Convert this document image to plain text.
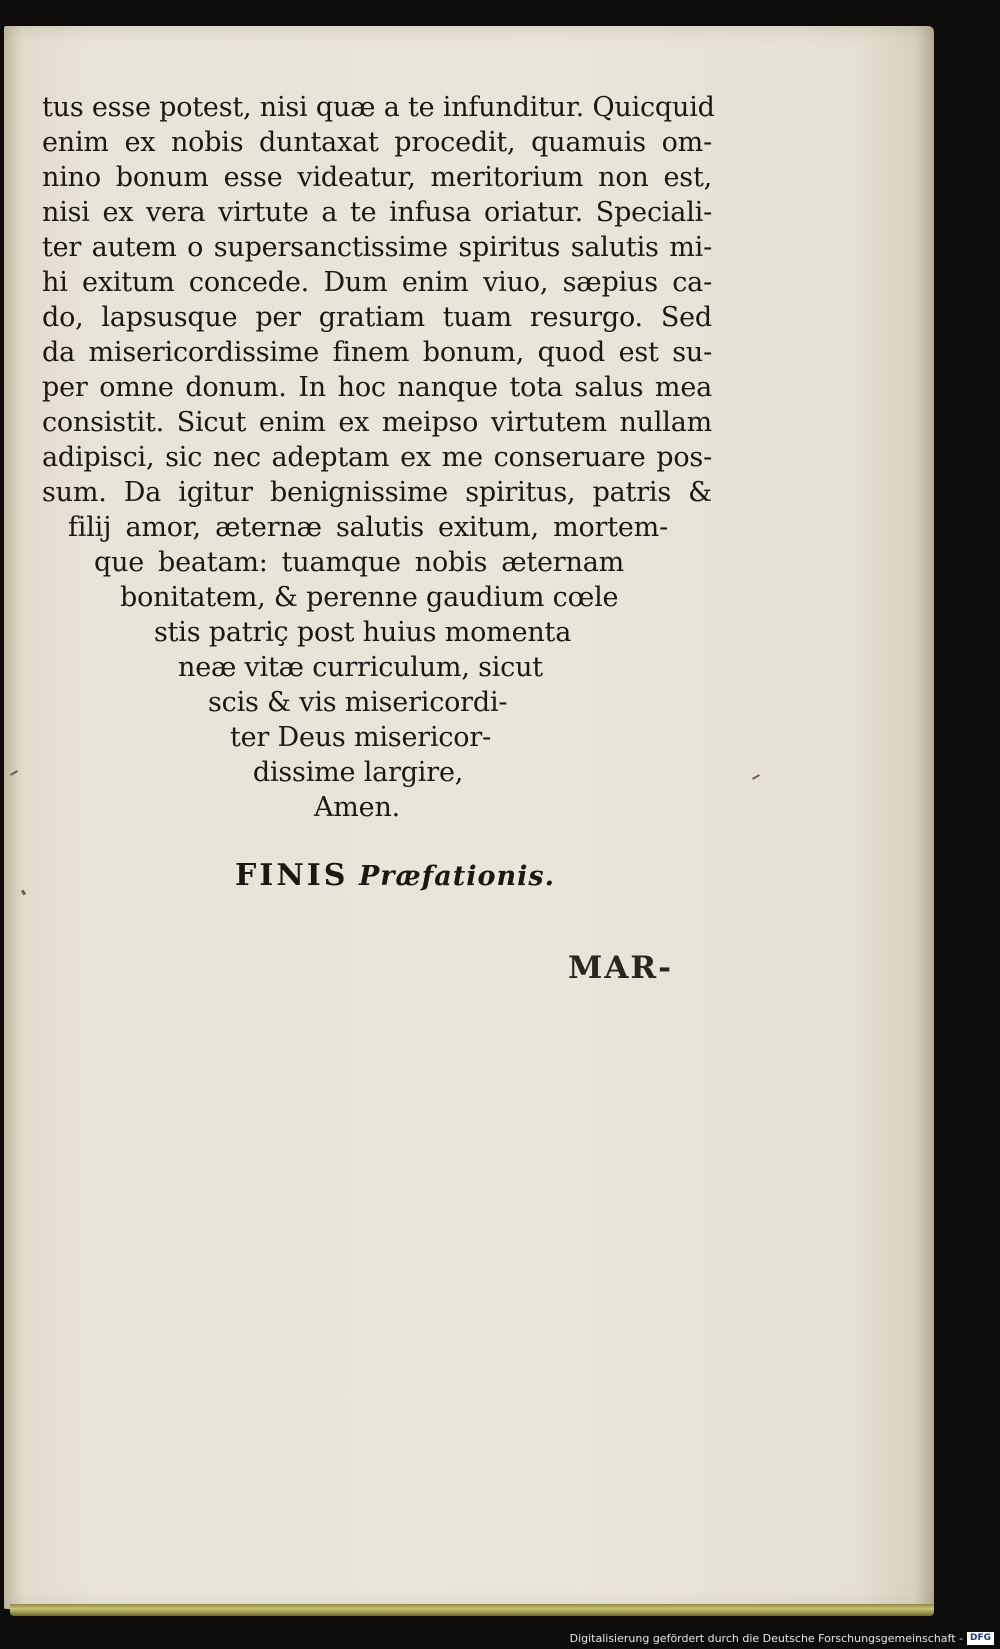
tus esse potest, nisi quæ a te infunditur. Quicquid
enim ex nobis duntaxat procedit, quamuis om-
nino bonum esse videatur, meritorium non est,
nisi ex vera virtute a te infusa oriatur. Speciali-
ter autem o supersanctissime spiritus salutis mi-
hi exitum concede. Dum enim viuo, sæpius ca-
do, lapsusque per gratiam tuam resurgo. Sed
da misericordissime finem bonum, quod est su-
per omne donum. In hoc nanque tota salus mea
consistit. Sicut enim ex meipso virtutem nullam
adipisci, sic nec adeptam ex me conseruare pos-
sum. Da igitur benignissime spiritus, patris &
filij amor, æternæ salutis exitum, mortem-
que beatam: tuamque nobis æternam
bonitatem, & perenne gaudium cœle
stis patriç post huius momenta
neæ vitæ curriculum, sicut
scis & vis misericordi-
ter Deus misericor-
dissime largire,
Amen.
FINIS Præfationis.
MAR-
Digitalisierung gefördert durch die Deutsche Forschungsgemeinschaft - DFG
